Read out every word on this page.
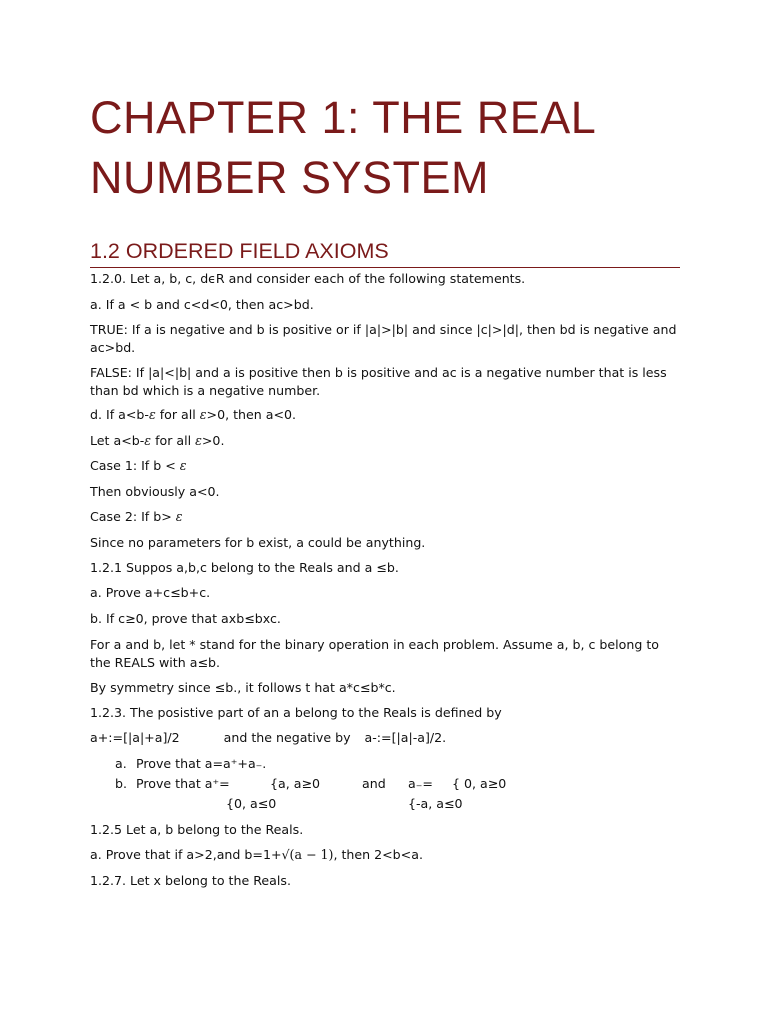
CHAPTER 1: THE REAL
NUMBER SYSTEM
1.2 ORDERED FIELD AXIOMS

1.2.0. Let a, b, c, dϵR and consider each of the following statements.

a. If a < b and c<d<0, then ac>bd.

TRUE: If a is negative and b is positive or if |a|>|b| and since |c|>|d|, then bd is negative and ac>bd.

FALSE: If |a|<|b| and a is positive then b is positive and ac is a negative number that is less than bd which is a negative number.

d. If a<b-ε for all ε>0, then a<0.

Let a<b-ε for all ε>0.

Case 1: If b < ε

Then obviously a<0.

Case 2: If b> ε

Since no parameters for b exist, a could be anything.

1.2.1 Suppos a,b,c belong to the Reals and a ≤b.

a. Prove a+c≤b+c.

b. If c≥0, prove that axb≤bxc.

For a and b, let * stand for the binary operation in each problem. Assume a, b, c belong to the REALS with a≤b.

By symmetry since ≤b., it follows t hat a*c≤b*c.

1.2.3. The posistive part of an a belong to the Reals is defined by

a+:=[|a|+a]/2	and the negative by a-:=[|a|-a]/2.

a. Prove that a=a⁺+a₋.
b. Prove that a⁺=	{a, a≥0	and a₋= { 0, a≥0
{0, a≤0	{-a, a≤0

1.2.5 Let a, b belong to the Reals.

a. Prove that if a>2,and b=1+√(a − 1), then 2<b<a.

1.2.7. Let x belong to the Reals.
